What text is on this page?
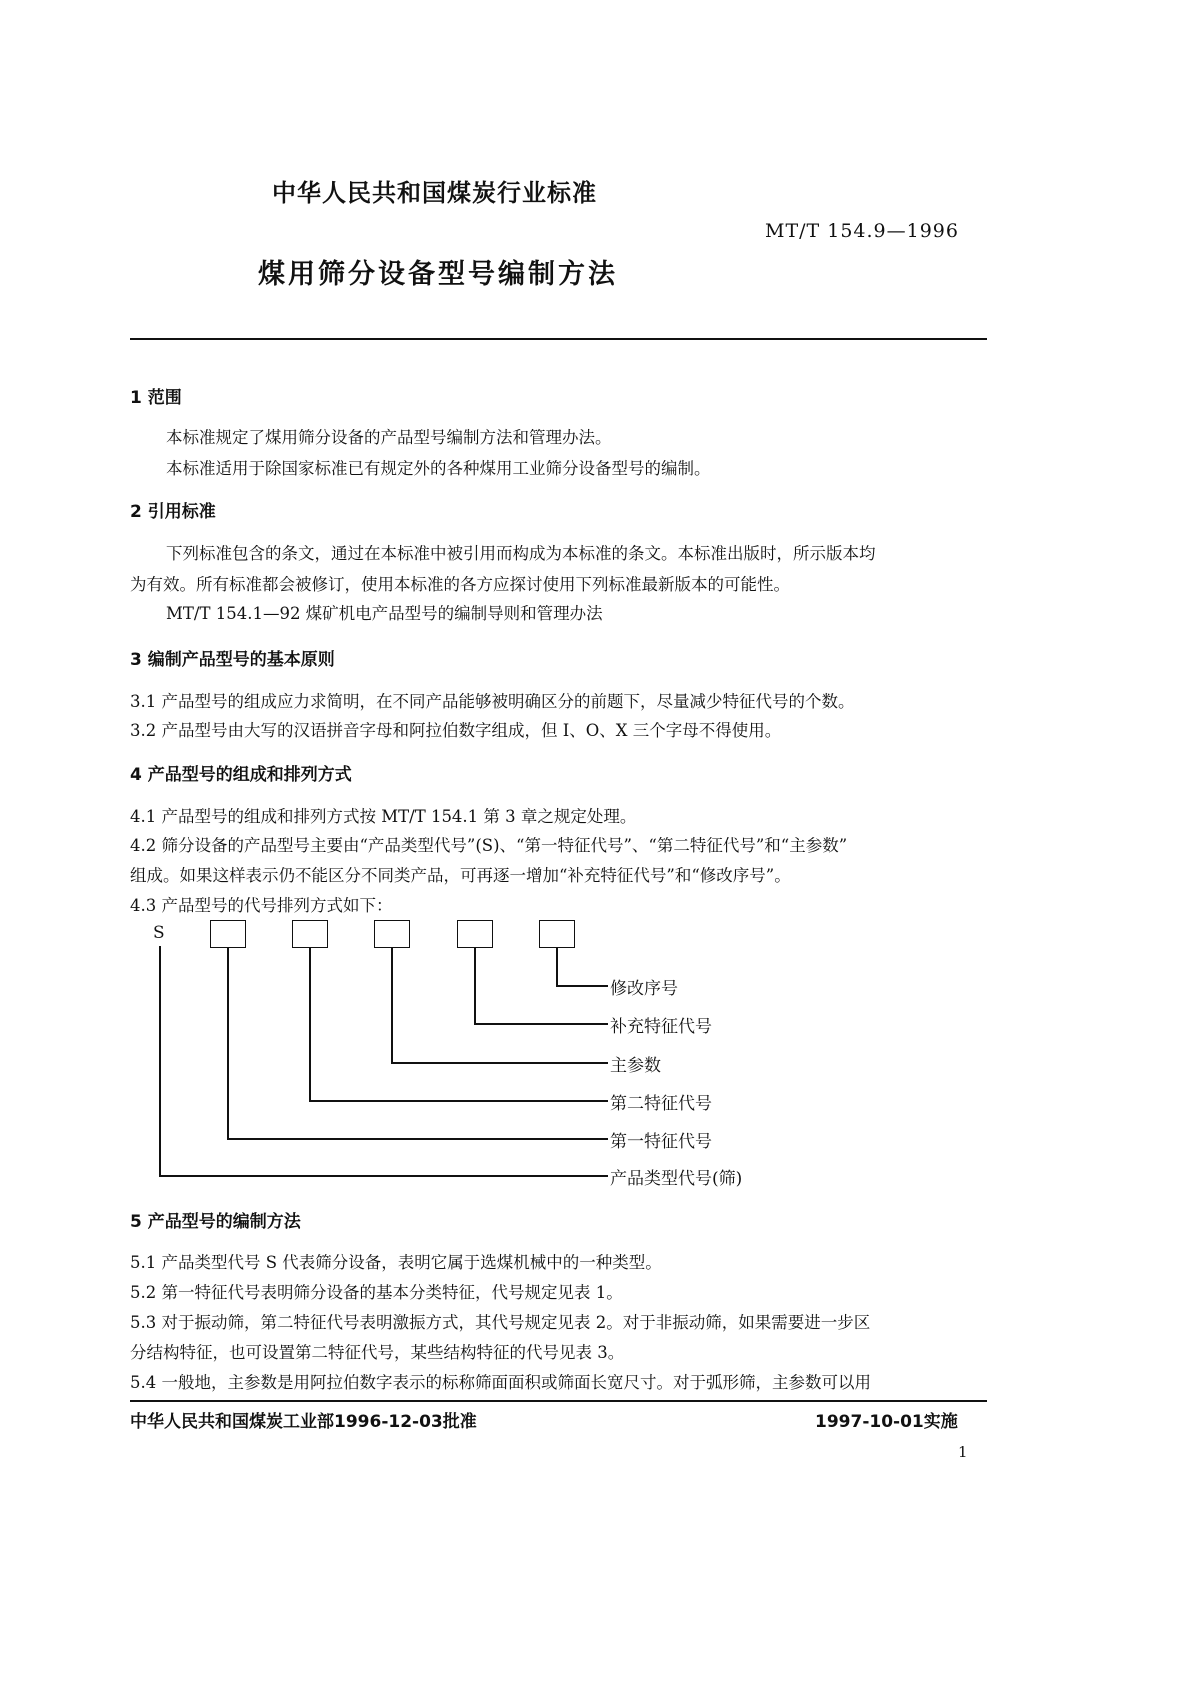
中华人民共和国煤炭行业标准
MT/T 154.9—1996
煤用筛分设备型号编制方法
1 范围
本标准规定了煤用筛分设备的产品型号编制方法和管理办法。
本标准适用于除国家标准已有规定外的各种煤用工业筛分设备型号的编制。
2 引用标准
下列标准包含的条文，通过在本标准中被引用而构成为本标准的条文。本标准出版时，所示版本均
为有效。所有标准都会被修订，使用本标准的各方应探讨使用下列标准最新版本的可能性。
MT/T 154.1—92 煤矿机电产品型号的编制导则和管理办法
3 编制产品型号的基本原则
3.1 产品型号的组成应力求简明，在不同产品能够被明确区分的前题下，尽量减少特征代号的个数。
3.2 产品型号由大写的汉语拼音字母和阿拉伯数字组成，但 I、O、X 三个字母不得使用。
4 产品型号的组成和排列方式
4.1 产品型号的组成和排列方式按 MT/T 154.1 第 3 章之规定处理。
4.2 筛分设备的产品型号主要由“产品类型代号”(S)、“第一特征代号”、“第二特征代号”和“主参数”
组成。如果这样表示仍不能区分不同类产品，可再逐一增加“补充特征代号”和“修改序号”。
4.3 产品型号的代号排列方式如下：
S
修改序号
补充特征代号
主参数
第二特征代号
第一特征代号
产品类型代号(筛)
5 产品型号的编制方法
5.1 产品类型代号 S 代表筛分设备，表明它属于选煤机械中的一种类型。
5.2 第一特征代号表明筛分设备的基本分类特征，代号规定见表 1。
5.3 对于振动筛，第二特征代号表明激振方式，其代号规定见表 2。对于非振动筛，如果需要进一步区
分结构特征，也可设置第二特征代号，某些结构特征的代号见表 3。
5.4 一般地，主参数是用阿拉伯数字表示的标称筛面面积或筛面长宽尺寸。对于弧形筛，主参数可以用
中华人民共和国煤炭工业部1996-12-03批准	1997-10-01实施
1
